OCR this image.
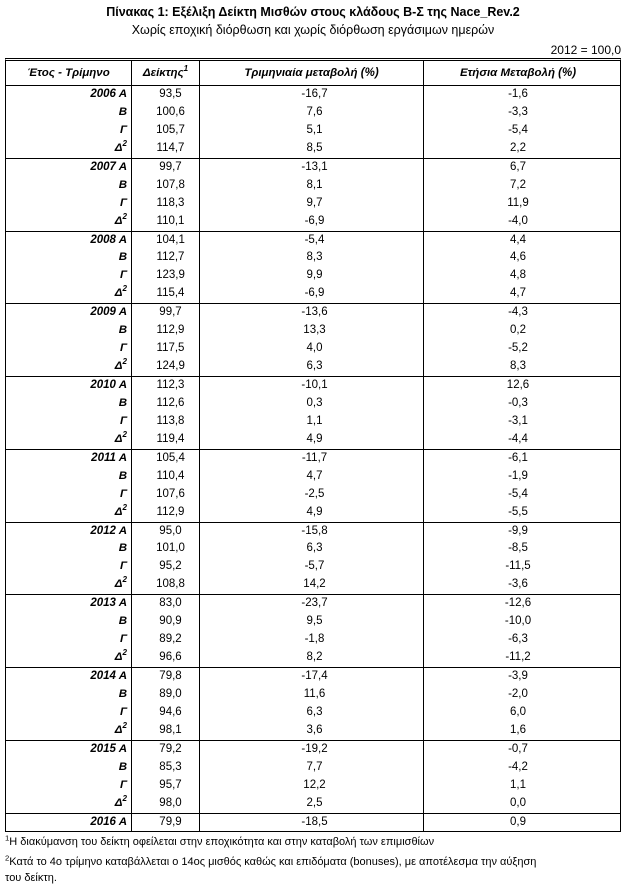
Πίνακας 1: Εξέλιξη Δείκτη Μισθών στους κλάδους Β-Σ της Nace_Rev.2
Χωρίς εποχική διόρθωση και χωρίς διόρθωση εργάσιμων ημερών
2012 = 100,0
Έτος - Τρίμηνο	Δείκτης$^1$	Τριμηνιαία μεταβολή (%)	Ετήσια Μεταβολή (%)
2006 Α	93,5	-16,7	-1,6
Β	100,6	7,6	-3,3
Γ	105,7	5,1	-5,4
$\Delta^2$	114,7	8,5	2,2
2007 Α	99,7	-13,1	6,7
Β	107,8	8,1	7,2
Γ	118,3	9,7	11,9
$\Delta^2$	110,1	-6,9	-4,0
2008 Α	104,1	-5,4	4,4
Β	112,7	8,3	4,6
Γ	123,9	9,9	4,8
$\Delta^2$	115,4	-6,9	4,7
2009 Α	99,7	-13,6	-4,3
Β	112,9	13,3	0,2
Γ	117,5	4,0	-5,2
$\Delta^2$	124,9	6,3	8,3
2010 Α	112,3	-10,1	12,6
Β	112,6	0,3	-0,3
Γ	113,8	1,1	-3,1
$\Delta^2$	119,4	4,9	-4,4
2011 Α	105,4	-11,7	-6,1
Β	110,4	4,7	-1,9
Γ	107,6	-2,5	-5,4
$\Delta^2$	112,9	4,9	-5,5
2012 Α	95,0	-15,8	-9,9
Β	101,0	6,3	-8,5
Γ	95,2	-5,7	-11,5
$\Delta^2$	108,8	14,2	-3,6
2013 Α	83,0	-23,7	-12,6
Β	90,9	9,5	-10,0
Γ	89,2	-1,8	-6,3
$\Delta^2$	96,6	8,2	-11,2
2014 Α	79,8	-17,4	-3,9
Β	89,0	11,6	-2,0
Γ	94,6	6,3	6,0
$\Delta^2$	98,1	3,6	1,6
2015 Α	79,2	-19,2	-0,7
Β	85,3	7,7	-4,2
Γ	95,7	12,2	1,1
$\Delta^2$	98,0	2,5	0,0
2016 Α	79,9	-18,5	0,9
$^1$Η διακύμανση του δείκτη οφείλεται στην εποχικότητα και στην καταβολή των επιμισθίων
$^2$Κατά το 4ο τρίμηνο καταβάλλεται ο 14ος μισθός καθώς και επιδόματα (bonuses), με αποτέλεσμα την αύξηση
του δείκτη.
